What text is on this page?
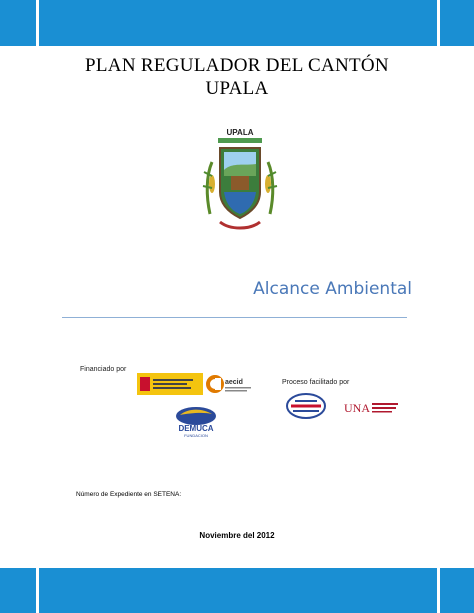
PLAN REGULADOR DEL CANTÓN
UPALA
UPALA
Alcance Ambiental
Financiado por
aecid	Proceso facilitado por
DEMUCA
FUNDACION
UNA
Número de Expediente en SETENA:
Noviembre del 2012
